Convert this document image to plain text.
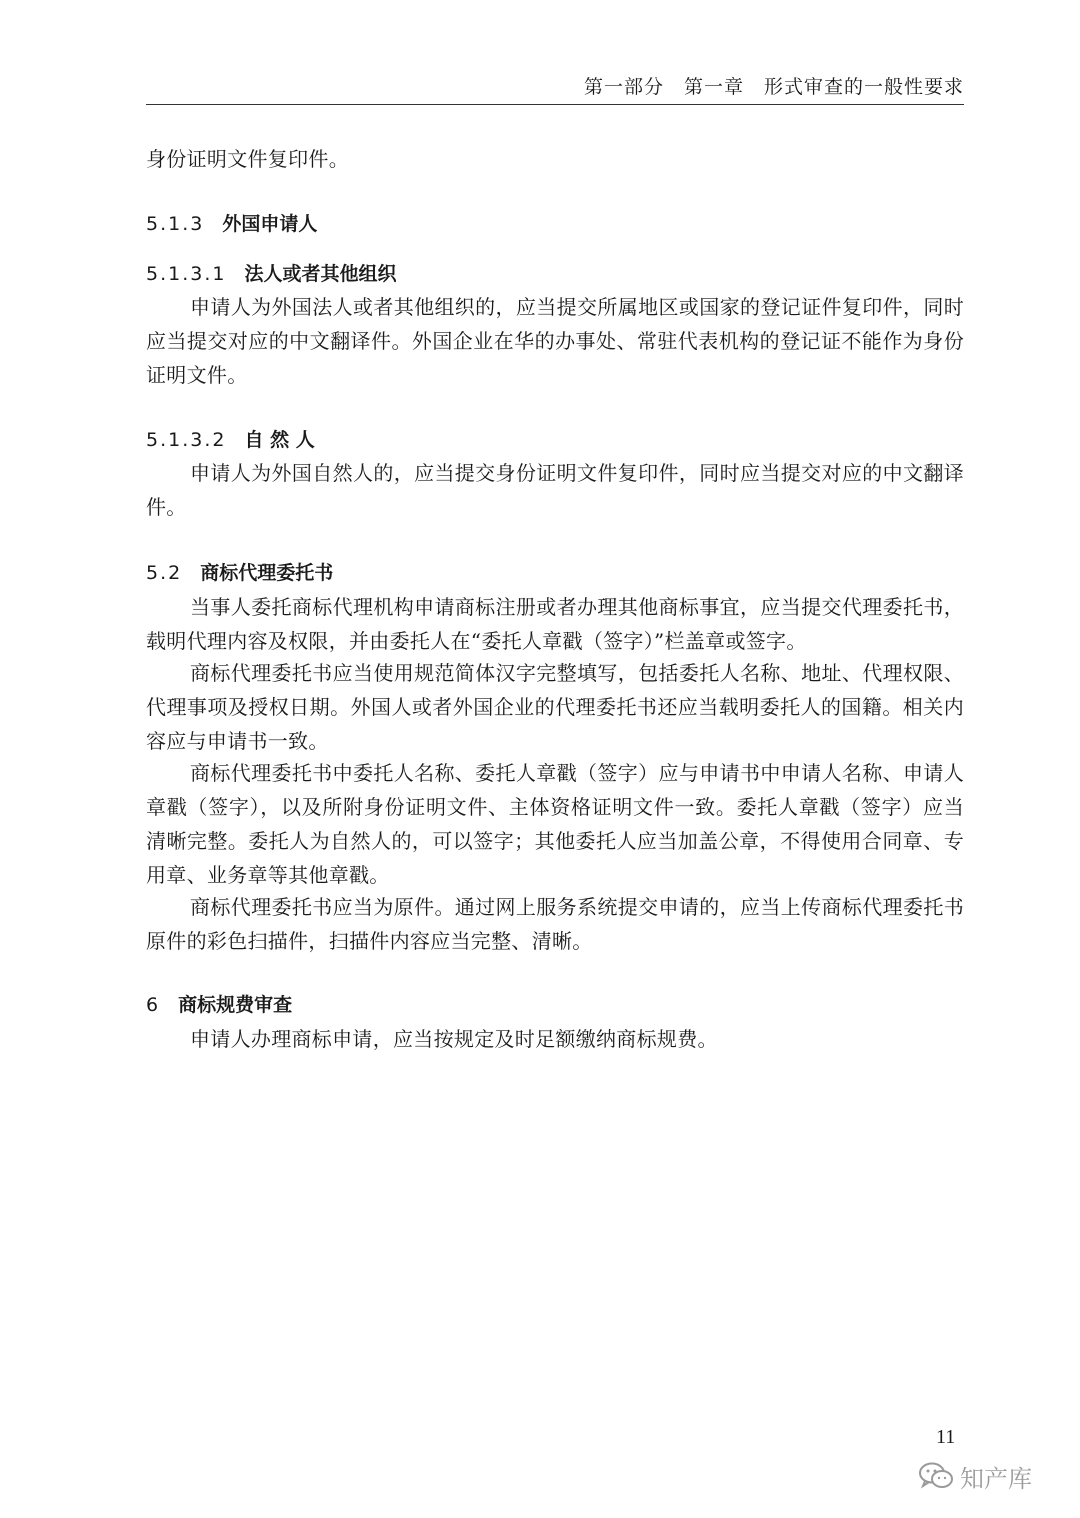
第一部分　第一章　形式审查的一般性要求
身份证明文件复印件。
5.1.3 外国申请人
5.1.3.1 法人或者其他组织
申请人为外国法人或者其他组织的，应当提交所属地区或国家的登记证件复印件，同时应当提交对应的中文翻译件。外国企业在华的办事处、常驻代表机构的登记证不能作为身份证明文件。
5.1.3.2 自 然 人
申请人为外国自然人的，应当提交身份证明文件复印件，同时应当提交对应的中文翻译件。
5.2 商标代理委托书
当事人委托商标代理机构申请商标注册或者办理其他商标事宜，应当提交代理委托书，载明代理内容及权限，并由委托人在“委托人章戳（签字）”栏盖章或签字。
商标代理委托书应当使用规范简体汉字完整填写，包括委托人名称、地址、代理权限、代理事项及授权日期。外国人或者外国企业的代理委托书还应当载明委托人的国籍。相关内容应与申请书一致。
商标代理委托书中委托人名称、委托人章戳（签字）应与申请书中申请人名称、申请人章戳（签字），以及所附身份证明文件、主体资格证明文件一致。委托人章戳（签字）应当清晰完整。委托人为自然人的，可以签字；其他委托人应当加盖公章，不得使用合同章、专用章、业务章等其他章戳。
商标代理委托书应当为原件。通过网上服务系统提交申请的，应当上传商标代理委托书原件的彩色扫描件，扫描件内容应当完整、清晰。
6 商标规费审查
申请人办理商标申请，应当按规定及时足额缴纳商标规费。
11
知产库
